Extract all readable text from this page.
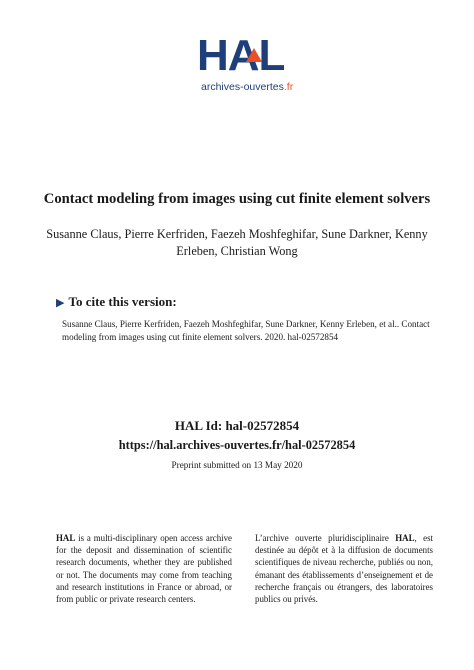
HAL
archives-ouvertes.fr
Contact modeling from images using cut finite element solvers
Susanne Claus, Pierre Kerfriden, Faezeh Moshfeghifar, Sune Darkner, Kenny Erleben, Christian Wong
▶ To cite this version:
Susanne Claus, Pierre Kerfriden, Faezeh Moshfeghifar, Sune Darkner, Kenny Erleben, et al.. Contact modeling from images using cut finite element solvers. 2020. hal-02572854
HAL Id: hal-02572854
https://hal.archives-ouvertes.fr/hal-02572854
Preprint submitted on 13 May 2020
HAL is a multi-disciplinary open access archive for the deposit and dissemination of scientific research documents, whether they are published or not. The documents may come from teaching and research institutions in France or abroad, or from public or private research centers.
L’archive ouverte pluridisciplinaire HAL, est destinée au dépôt et à la diffusion de documents scientifiques de niveau recherche, publiés ou non, émanant des établissements d’enseignement et de recherche français ou étrangers, des laboratoires publics ou privés.
